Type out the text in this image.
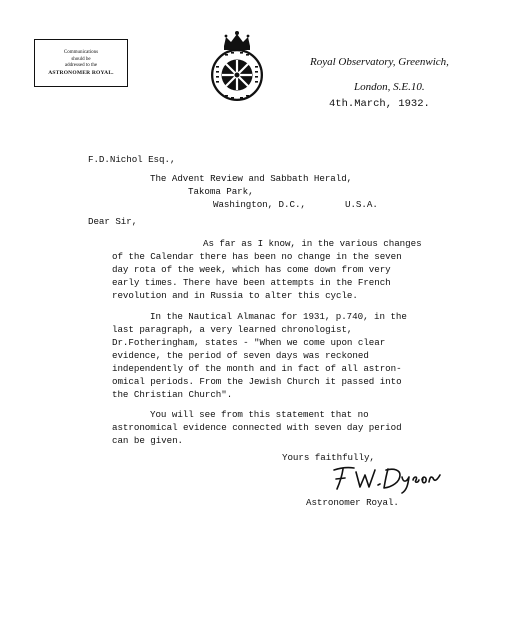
Communications
should be
addressed to the
ASTRONOMER ROYAL.
Royal Observatory, Greenwich,
London, S.E.10.
4th.March, 1932.
F.D.Nichol Esq.,
The Advent Review and Sabbath Herald,
Takoma Park,
Washington, D.C.,	U.S.A.
Dear Sir,
As far as I know, in the various changes
of the Calendar there has been no change in the seven
day rota of the week, which has come down from very
early times. There have been attempts in the French
revolution and in Russia to alter this cycle.
In the Nautical Almanac for 1931, p.740, in the
last paragraph, a very learned chronologist,
Dr.Fotheringham, states - "When we come upon clear
evidence, the period of seven days was reckoned
independently of the month and in fact of all astron-
omical periods. From the Jewish Church it passed into
the Christian Church".
You will see from this statement that no
astronomical evidence connected with seven day period
can be given.
Yours faithfully,
Astronomer Royal.
